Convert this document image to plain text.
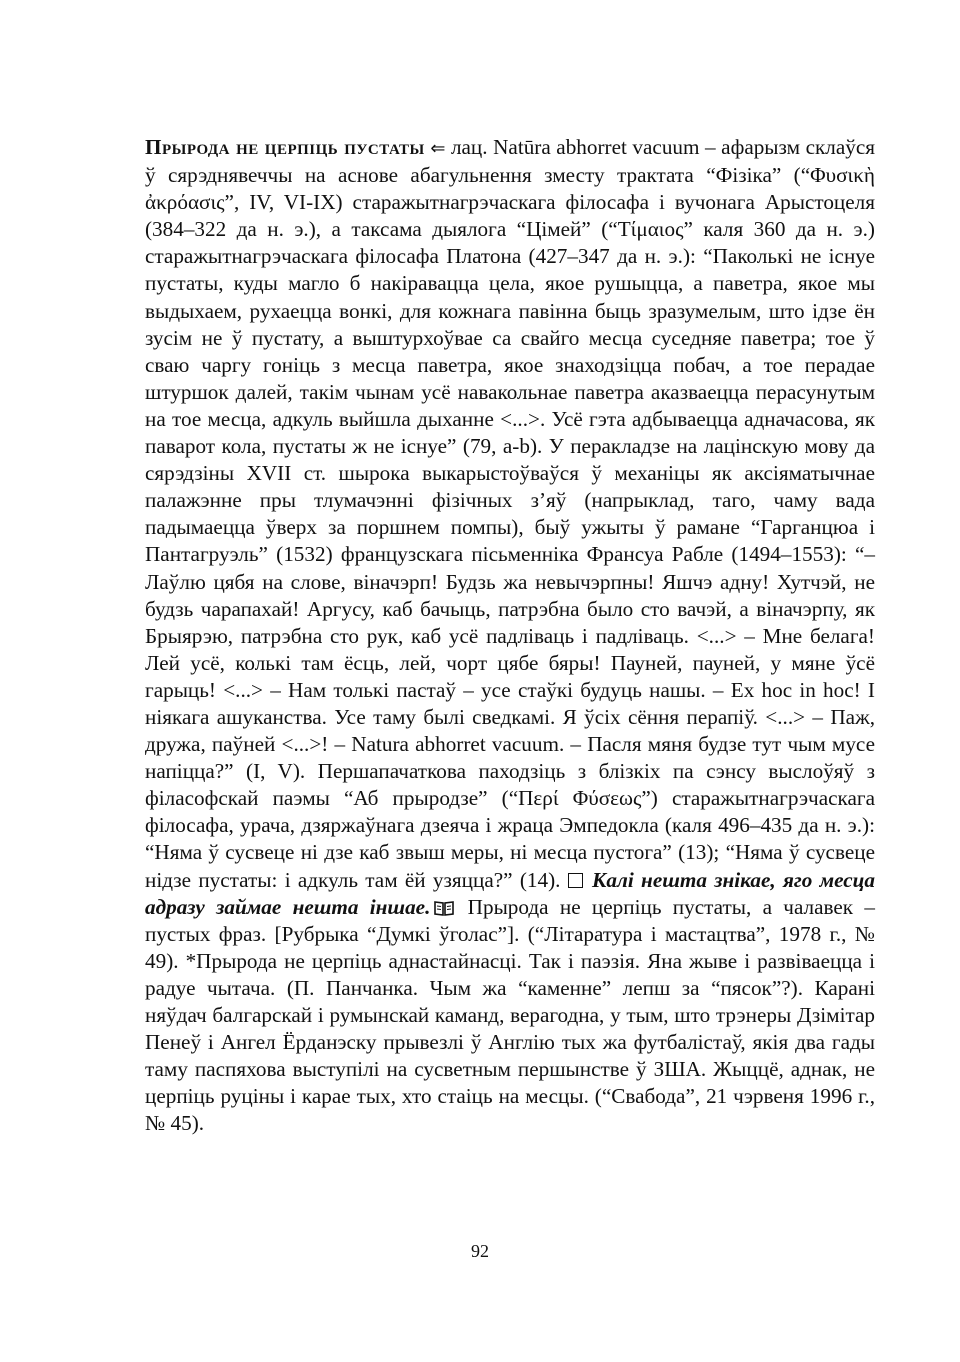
Прырода не церпіць пустаты ⇐ лац. Natūra abhorret vacuum – афарызм склаўся ў сярэднявеччы на аснове абагульнення зместу трактата “Фізіка” (“Φυσικὴ ἀκρόασις”, IV, VI-IX) старажытнагрэчаскага філосафа і вучонага Арыстоцеля (384–322 да н. э.), а таксама дыялога “Цімей” (“Τίμαιος” каля 360 да н. э.) старажытнагрэчаскага філосафа Платона (427–347 да н. э.): “Паколькі не існуе пустаты, куды магло б накіравацца цела, якое рушыцца, а паветра, якое мы выдыхаем, рухаецца вонкі, для кожнага павінна быць зразумелым, што ідзе ён зусім не ў пустату, а выштурхоўвае са свайго месца суседняе паветра; тое ў сваю чаргу гоніць з месца паветра, якое знаходзіцца побач, а тое перадае штуршок далей, такім чынам усё навакольнае паветра аказваецца перасунутым на тое месца, адкуль выйшла дыханне <...>. Усё гэта адбываецца адначасова, як паварот кола, пустаты ж не існуе” (79, a-b). У перакладзе на лацінскую мову да сярэдзіны XVII ст. шырока выкарыстоўваўся ў механіцы як аксіяматычнае палажэнне пры тлумачэнні фізічных з’яў (напрыклад, таго, чаму вада падымаецца ўверх за поршнем помпы), быў ужыты ў рамане “Гарганцюа і Пантагруэль” (1532) французскага пісьменніка Франсуа Рабле (1494–1553): “– Лаўлю цябя на слове, віначэрп! Будзь жа невычэрпны! Яшчэ адну! Хутчэй, не будзь чарапахай! Аргусу, каб бачыць, патрэбна было сто вачэй, а віначэрпу, як Брыярэю, патрэбна сто рук, каб усё падліваць і падліваць. <...> – Мне белага! Лей усё, колькі там ёсць, лей, чорт цябе бяры! Пауней, пауней, у мяне ўсё гарыць! <...> – Нам толькі пастаў – усе стаўкі будуць нашы. – Ex hoc in hoc! І ніякага ашуканства. Усе таму былі сведкамі. Я ўсіх сёння перапіў. <...> – Паж, дружа, паўней <...>! – Natura abhorret vacuum. – Пасля мяня будзе тут чым мусе напіцца?” (I, V). Першапачаткова паходзіць з блізкіх па сэнсу выслоўяў з філасофскай паэмы “Аб прыродзе” (“Περί Φύσεως”) старажытнагрэчаскага філосафа, урача, дзяржаўнага дзеяча і жраца Эмпедокла (каля 496–435 да н. э.): “Няма ў сусвеце ні дзе каб звыш меры, ні месца пустога” (13); “Няма ў сусвеце нідзе пустаты: і адкуль там ёй узяцца?” (14).  Калі нешта знікае, яго месца адразу займае нешта іншае. Прырода не церпіць пустаты, а чалавек – пустых фраз. [Рубрыка “Думкі ўголас”]. (“Літаратура і мастацтва”, 1978 г., № 49). *Прырода не церпіць аднастайнасці. Так і паэзія. Яна жыве і развіваецца і радуе чытача. (П. Панчанка. Чым жа “каменне” лепш за “пясок”?). Карані няўдач балгарскай і румынскай каманд, верагодна, у тым, што трэнеры Дзімітар Пенеў і Ангел Ёрданэску прывезлі ў Англію тых жа футбалістаў, якія два гады таму паспяхова выступілі на сусветным першынстве ў ЗША. Жыццё, аднак, не церпіць руціны і карае тых, хто стаіць на месцы. (“Свабода”, 21 чэрвеня 1996 г., № 45).
92
